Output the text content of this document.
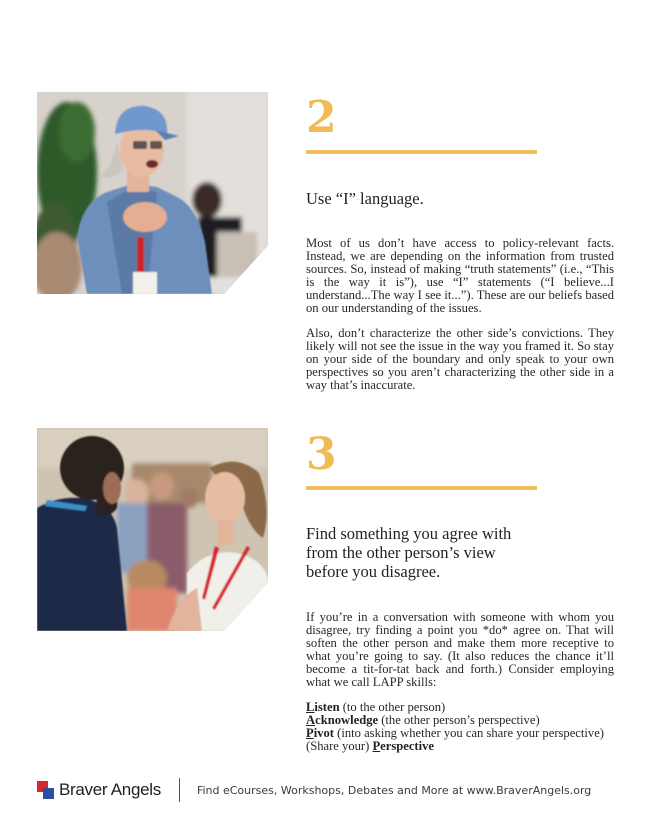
2

Use “I” language.

Most of us don’t have access to policy-relevant facts. Instead, we are depending on the information from trusted sources. So, instead of making “truth statements” (i.e., “This is the way it is”), use “I” statements (“I believe...I understand...The way I see it...”). These are our beliefs based on our understanding of the issues.

Also, don’t characterize the other side’s convictions. They likely will not see the issue in the way you framed it. So stay on your side of the boundary and only speak to your own perspectives so you aren’t characterizing the other side in a way that’s inaccurate.

3

Find something you agree with
from the other person’s view
before you disagree.

If you’re in a conversation with someone with whom you disagree, try finding a point you *do* agree on. That will soften the other person and make them more receptive to what you’re going to say. (It also reduces the chance it’ll become a tit-for-tat back and forth.) Consider employing what we call LAPP skills:

Listen (to the other person)

Acknowledge (the other person’s perspective)

Pivot (into asking whether you can share your perspective)

(Share your) Perspective

Braver Angels	Find eCourses, Workshops, Debates and More at www.BraverAngels.org
